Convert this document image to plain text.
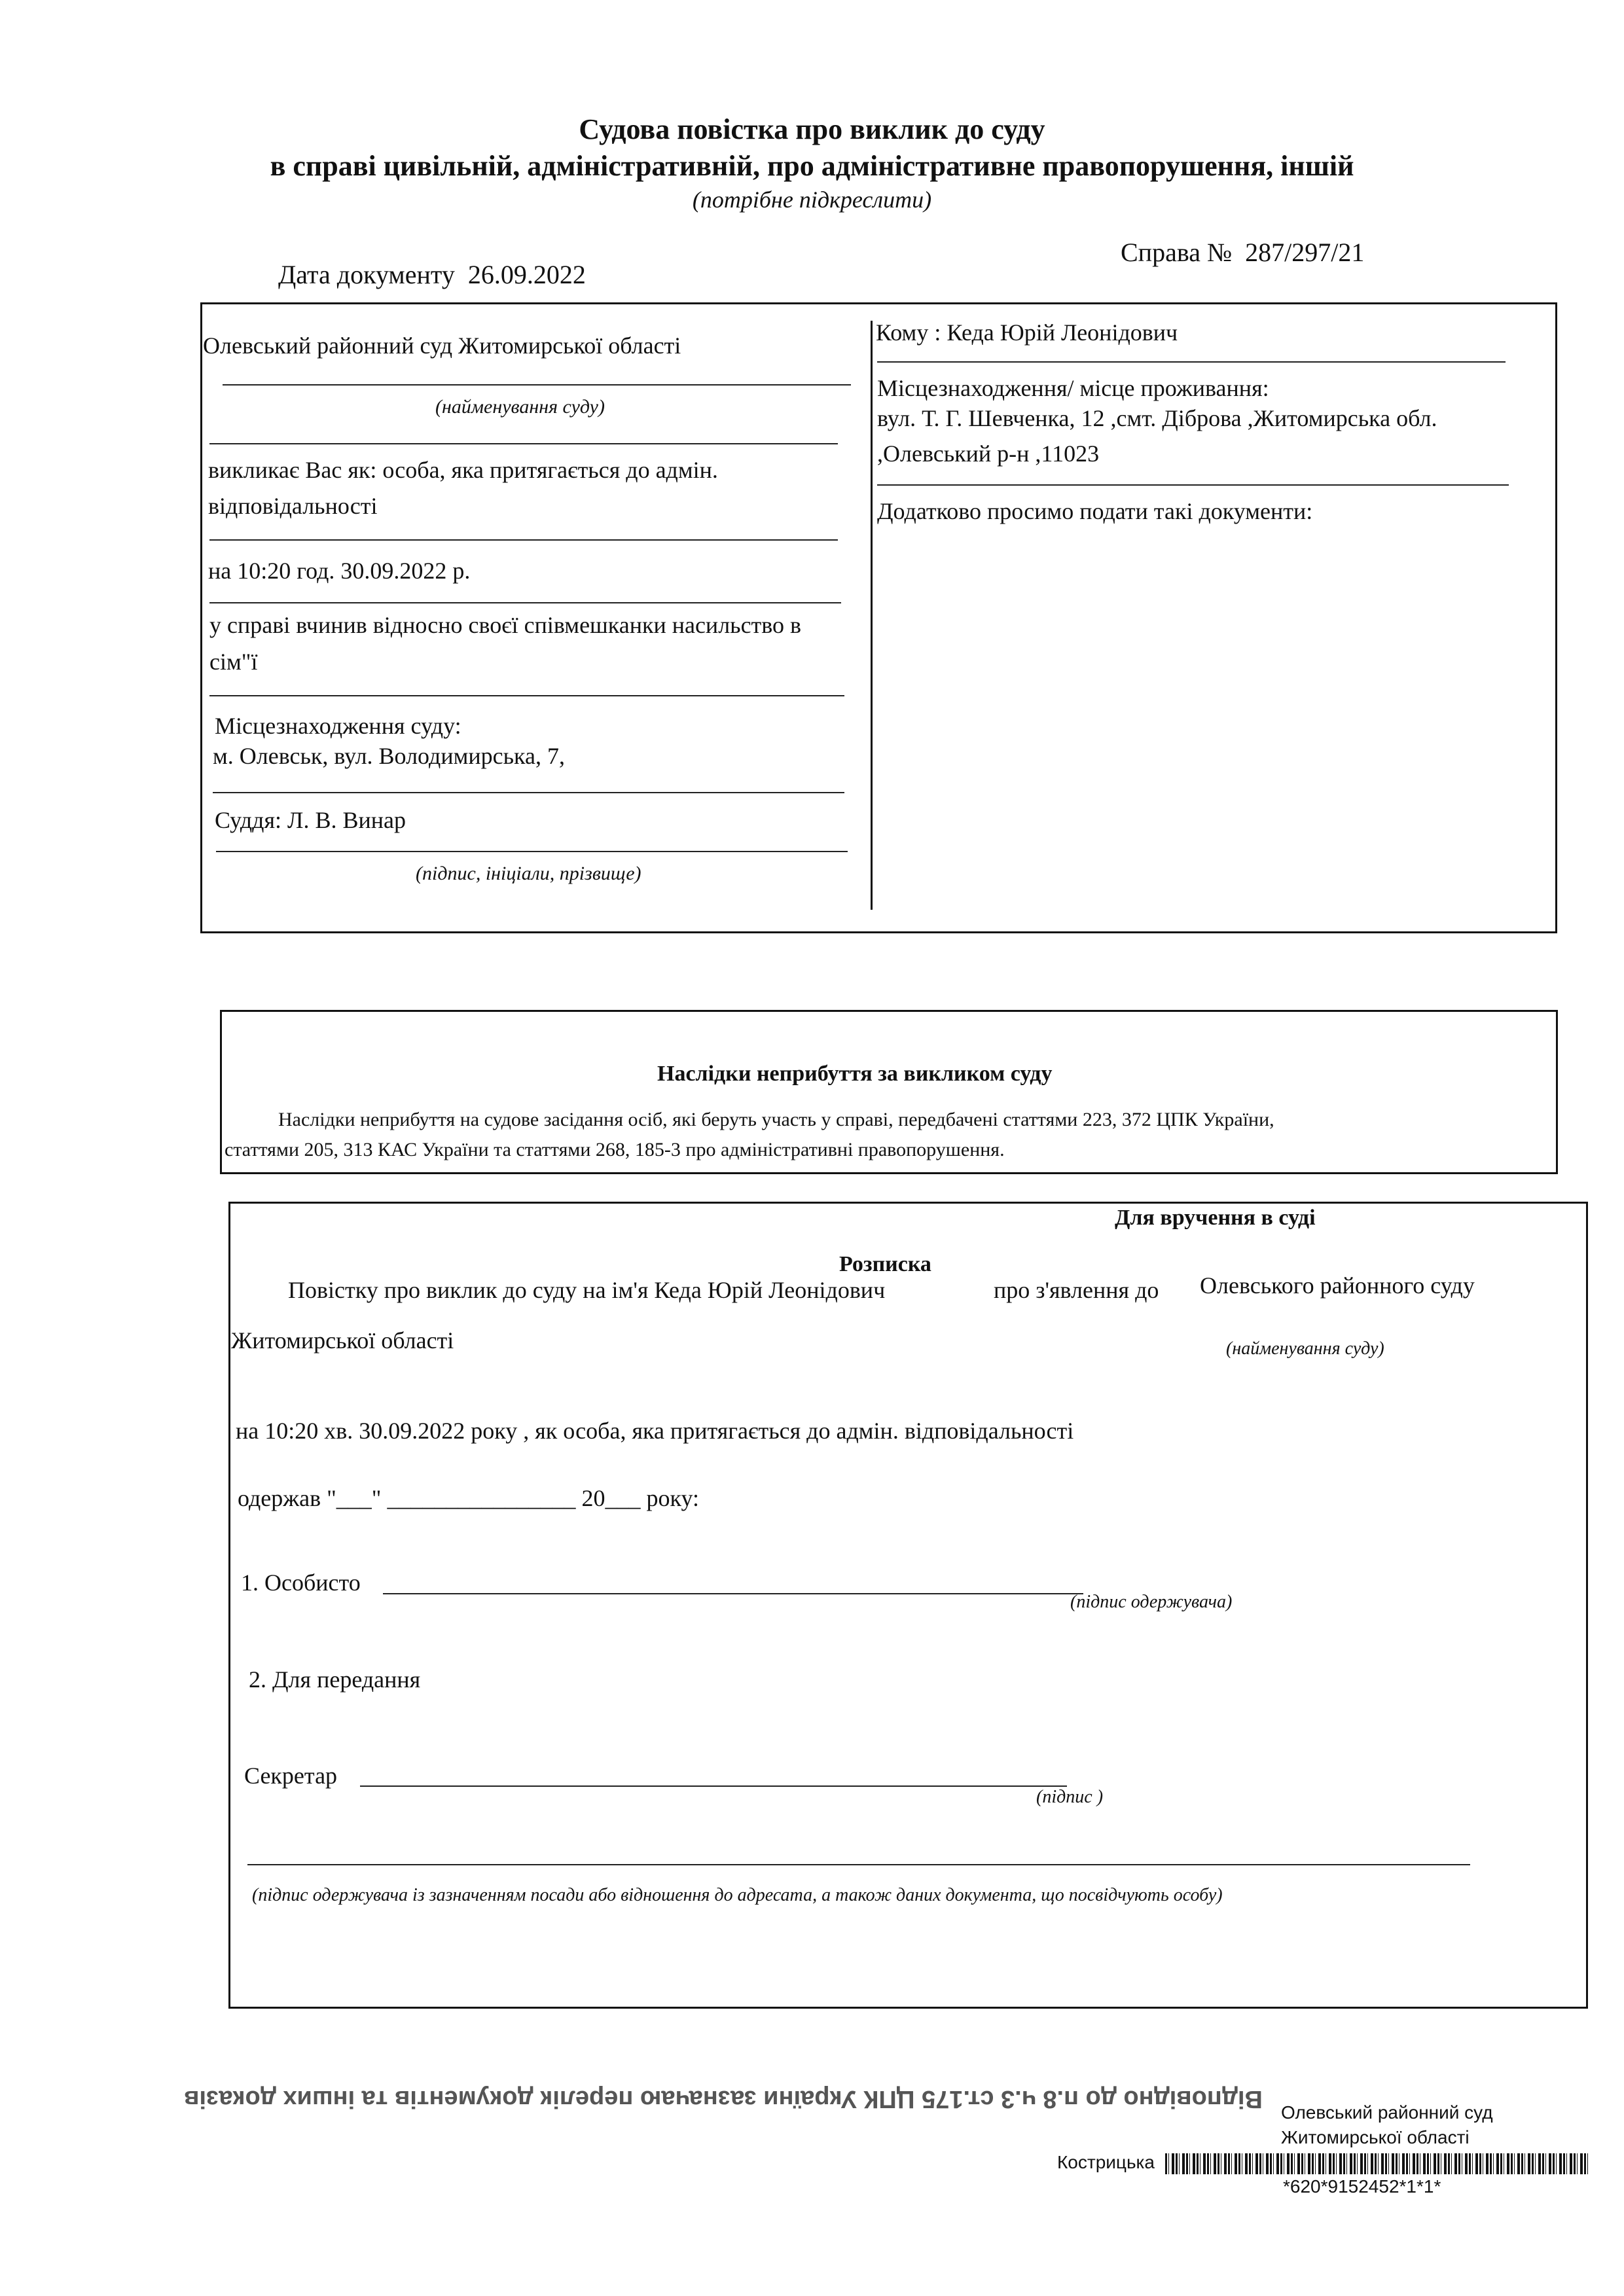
Судова повістка про виклик до суду
в справі цивільній, адміністративній, про адміністративне правопорушення, іншій
(потрібне підкреслити)
Дата документу 26.09.2022
Справа № 287/297/21
Олевський районний суд Житомирської області
(найменування суду)
викликає Вас як: особа, яка притягається до адмін.
відповідальності
на 10:20 год. 30.09.2022 р.
у справі вчинив відносно своєї співмешканки насильство в
сім"ї
Місцезнаходження суду:
м. Олевськ, вул. Володимирська, 7,
Суддя: Л. В. Винар
(підпис, ініціали, прізвище)
Кому : Кеда Юрій Леонідович
Місцезнаходження/ місце проживання:
вул. Т. Г. Шевченка, 12 ,смт. Діброва ,Житомирська обл.
,Олевський р-н ,11023
Додатково просимо подати такі документи:
Наслідки неприбуття за викликом суду
Наслідки неприбуття на судове засідання осіб, які беруть участь у справі, передбачені статтями 223, 372 ЦПК України,
статтями 205, 313 КАС України та статтями 268, 185-3 про адміністративні правопорушення.
Для вручення в суді
Розписка
Повістку про виклик до суду на ім'я Кеда Юрій Леонідович	про з'явлення до Олевського районного суду
Житомирської області	(найменування суду)
на 10:20 хв. 30.09.2022 року , як особа, яка притягається до адмін. відповідальності
одержав "___" ________________ 20___ року:
1. Особисто
(підпис одержувача)
2. Для передання
Секретар
(підпис )
(підпис одержувача із зазначенням посади або відношення до адресата, а також даних документа, що посвідчують особу)
Відповідно до п.8 ч.3 ст.175 ЦПК України зазначаю перелік документів та інших доказів	Олевський районний суд
Житомирської області
Кострицька
*620*9152452*1*1*
